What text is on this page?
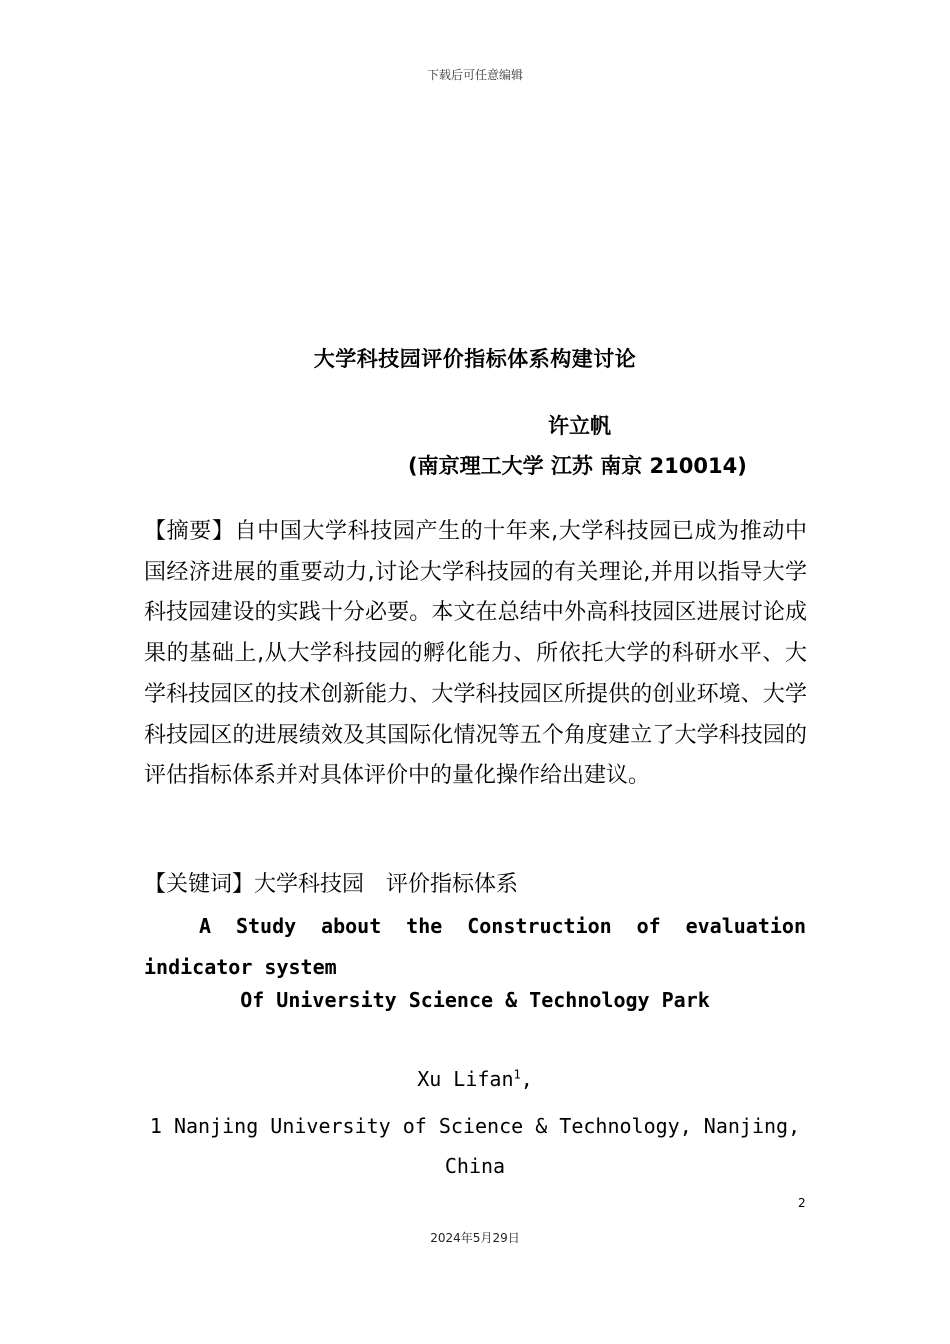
下载后可任意编辑
大学科技园评价指标体系构建讨论
许立帆
(南京理工大学 江苏 南京 210014)
【摘要】自中国大学科技园产生的十年来,大学科技园已成为推动中国经济进展的重要动力,讨论大学科技园的有关理论,并用以指导大学科技园建设的实践十分必要。本文在总结中外高科技园区进展讨论成果的基础上,从大学科技园的孵化能力、所依托大学的科研水平、大学科技园区的技术创新能力、大学科技园区所提供的创业环境、大学科技园区的进展绩效及其国际化情况等五个角度建立了大学科技园的评估指标体系并对具体评价中的量化操作给出建议。
【关键词】大学科技园 评价指标体系
A Study about the Construction of evaluation indicator system
Of University Science & Technology Park
Xu Lifan$^1$,
1 Nanjing University of Science & Technology, Nanjing, China
2
2024年5月29日
